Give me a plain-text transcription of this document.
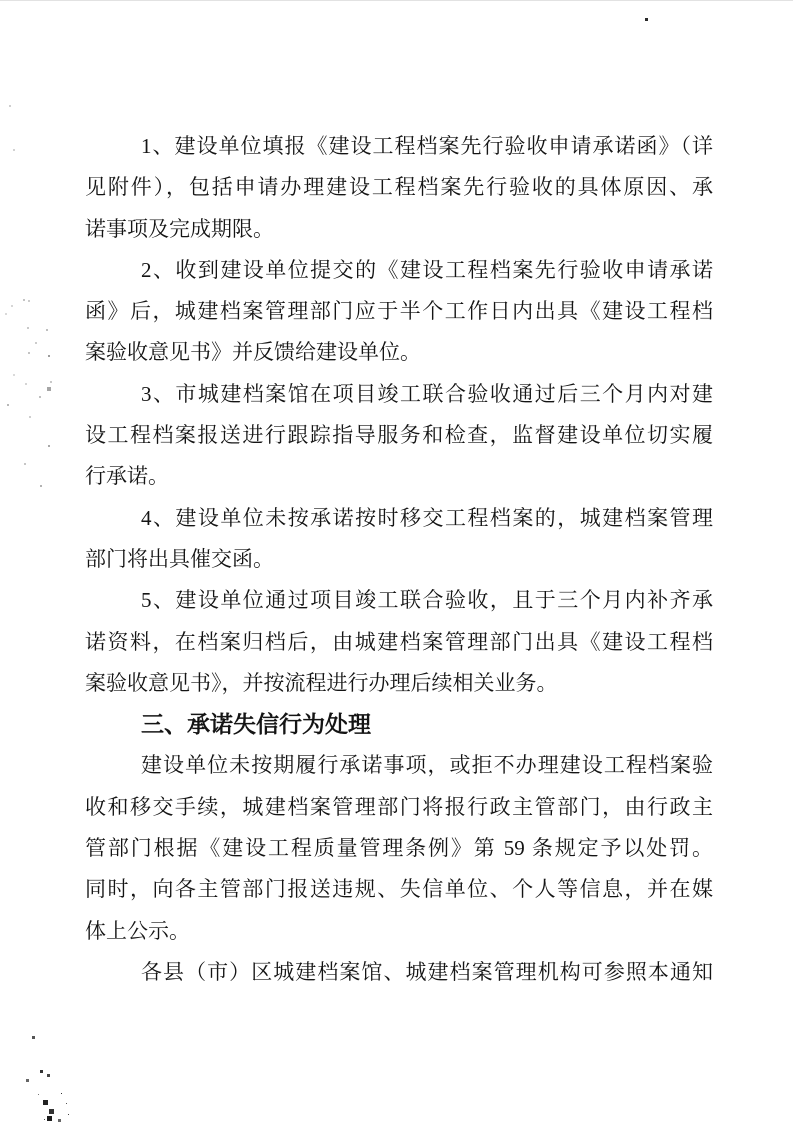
1、建设单位填报《建设工程档案先行验收申请承诺函》（详
见附件），包括申请办理建设工程档案先行验收的具体原因、承
诺事项及完成期限。
2、收到建设单位提交的《建设工程档案先行验收申请承诺
函》后，城建档案管理部门应于半个工作日内出具《建设工程档
案验收意见书》并反馈给建设单位。
3、市城建档案馆在项目竣工联合验收通过后三个月内对建
设工程档案报送进行跟踪指导服务和检查，监督建设单位切实履
行承诺。
4、建设单位未按承诺按时移交工程档案的，城建档案管理
部门将出具催交函。
5、建设单位通过项目竣工联合验收，且于三个月内补齐承
诺资料，在档案归档后，由城建档案管理部门出具《建设工程档
案验收意见书》，并按流程进行办理后续相关业务。
三、承诺失信行为处理
建设单位未按期履行承诺事项，或拒不办理建设工程档案验
收和移交手续，城建档案管理部门将报行政主管部门，由行政主
管部门根据《建设工程质量管理条例》第 59 条规定予以处罚。
同时，向各主管部门报送违规、失信单位、个人等信息，并在媒
体上公示。
各县（市）区城建档案馆、城建档案管理机构可参照本通知
